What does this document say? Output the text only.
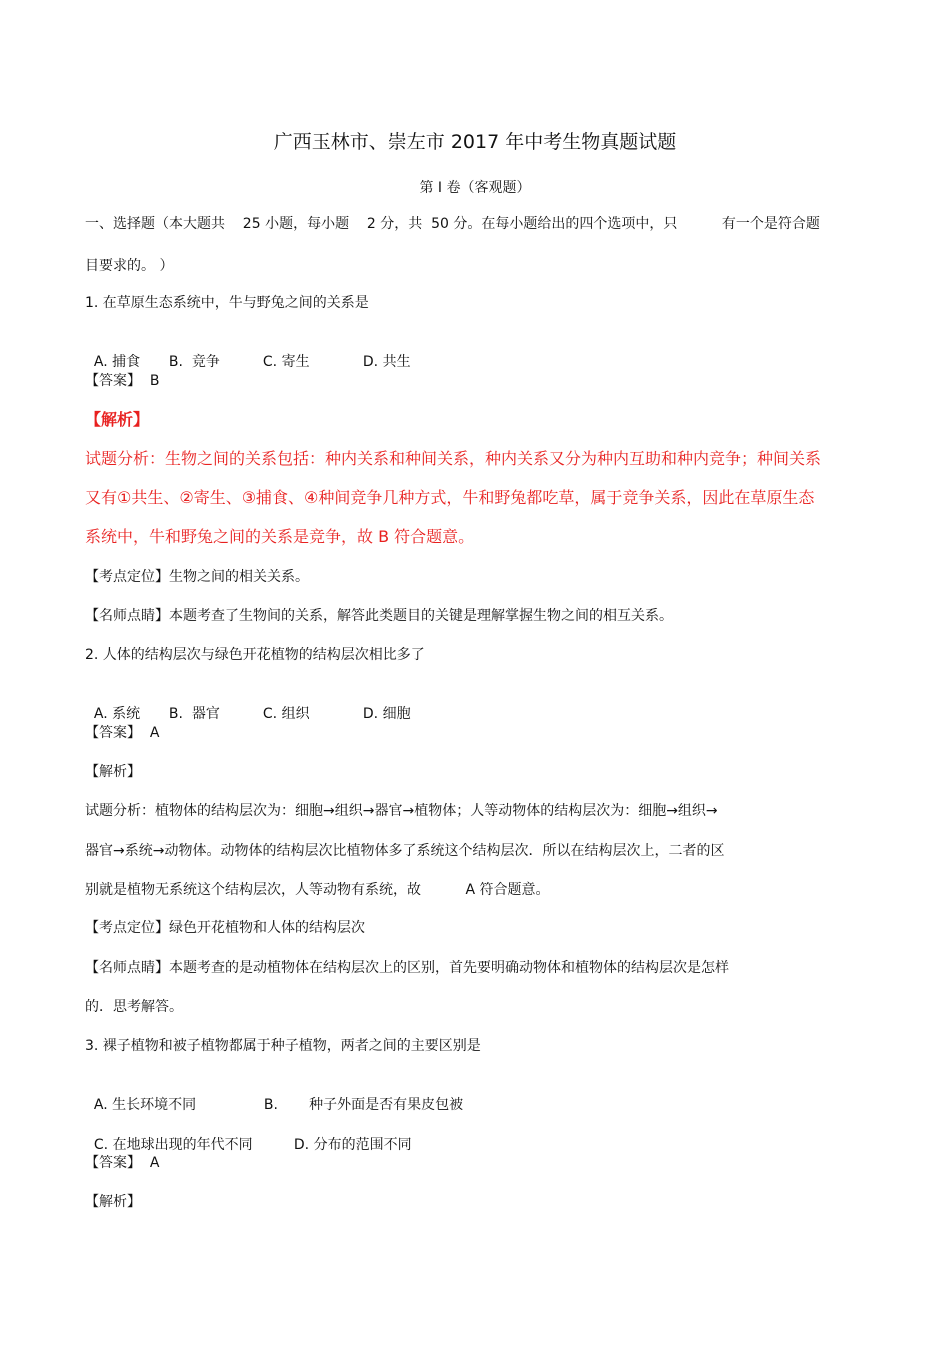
广西玉林市、崇左市 2017 年中考生物真题试题
第 I 卷（客观题）
一、选择题（本大题共    25 小题，每小题    2 分，共  50 分。在每小题给出的四个选项中，只          有一个是符合题
目要求的。 ）
1. 在草原生态系统中，牛与野兔之间的关系是

A. 捕食 B.  竞争	C. 寄生	D. 共生

【答案】  B
【解析】
试题分析：生物之间的关系包括：种内关系和种间关系，种内关系又分为种内互助和种内竞争；种间关系
又有①共生、②寄生、③捕食、④种间竞争几种方式，牛和野兔都吃草，属于竞争关系，因此在草原生态
系统中，牛和野兔之间的关系是竞争，故 B 符合题意。
【考点定位】生物之间的相关关系。
【名师点睛】本题考查了生物间的关系，解答此类题目的关键是理解掌握生物之间的相互关系。
2. 人体的结构层次与绿色开花植物的结构层次相比多了

A. 系统 B.  器官	C. 组织	D. 细胞

【答案】  A
【解析】
试题分析：植物体的结构层次为：细胞→组织→器官→植物体；人等动物体的结构层次为：细胞→组织→
器官→系统→动物体。动物体的结构层次比植物体多了系统这个结构层次．所以在结构层次上，二者的区
别就是植物无系统这个结构层次，人等动物有系统，故          A 符合题意。
【考点定位】绿色开花植物和人体的结构层次
【名师点睛】本题考查的是动植物体在结构层次上的区别，首先要明确动物体和植物体的结构层次是怎样
的．思考解答。
3. 裸子植物和被子植物都属于种子植物，两者之间的主要区别是

A. 生长环境不同	B.       种子外面是否有果皮包被

C. 在地球出现的年代不同	D. 分布的范围不同

【答案】  A
【解析】
